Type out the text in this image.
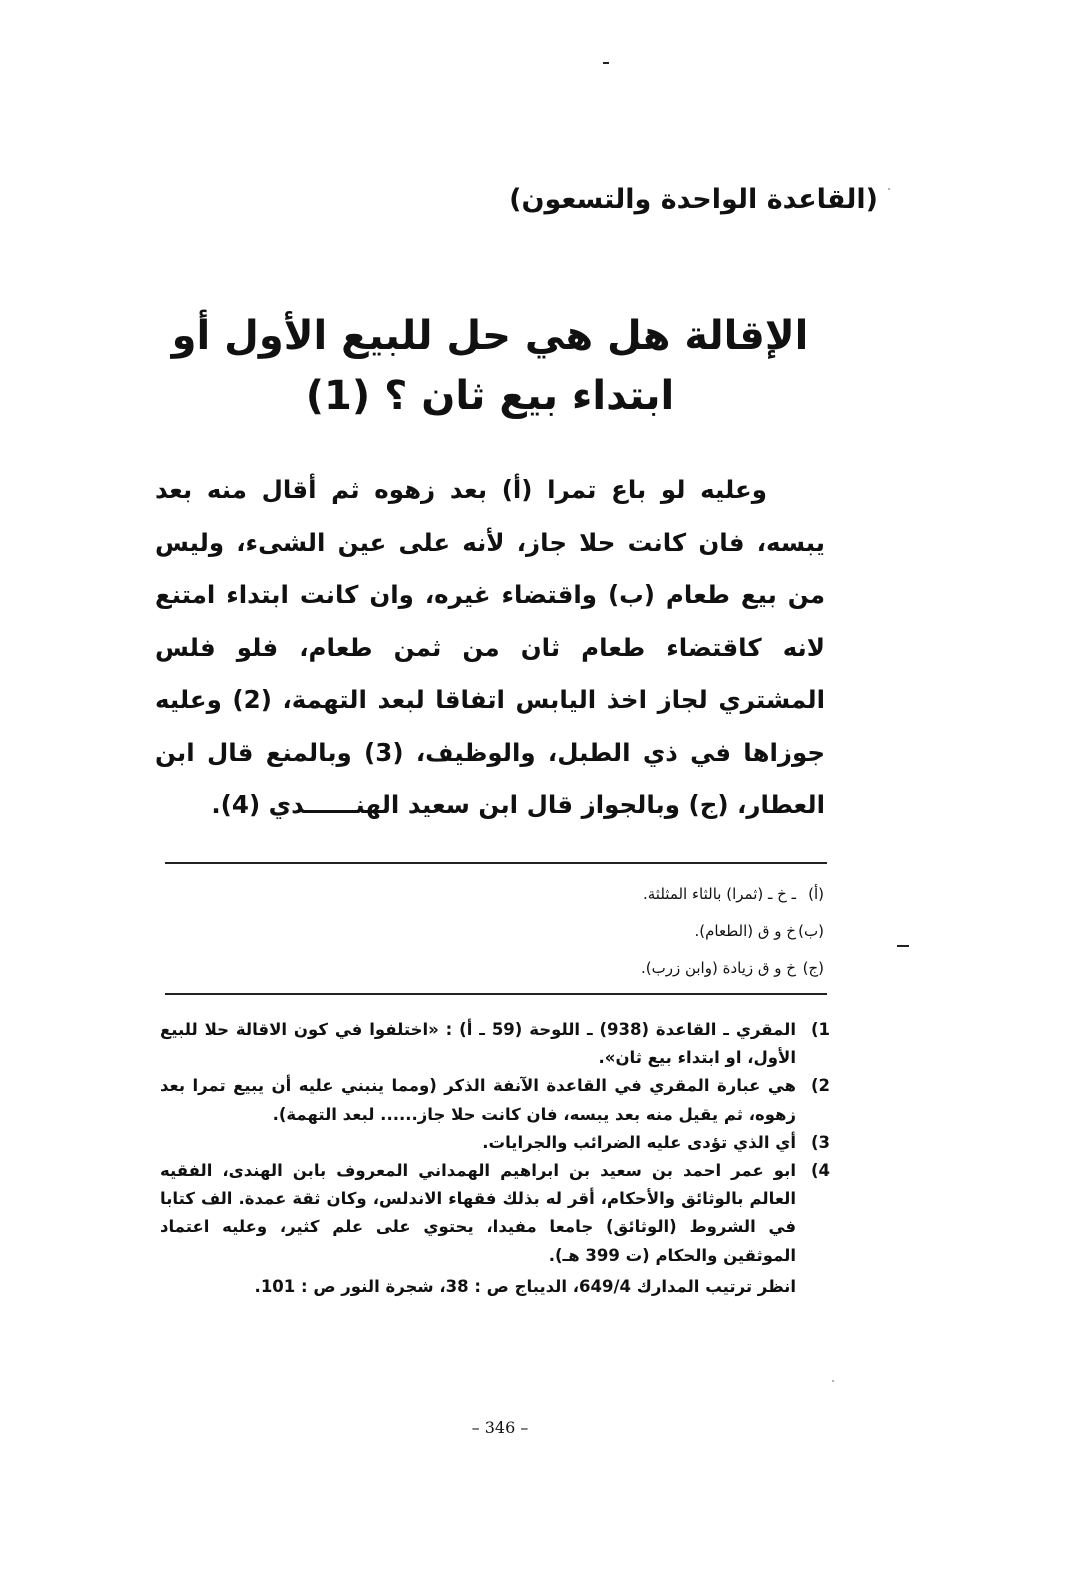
(القاعدة الواحدة والتسعون)
الإقالة هل هي حل للبيع الأول أو ابتداء بيع ثان ؟ (1)
وعليه لو باع تمرا (أ) بعد زهوه ثم أقال منه بعد يبسه، فان كانت حلا جاز، لأنه على عين الشىء، وليس من بيع طعام (ب) واقتضاء غيره، وان كانت ابتداء امتنع لانه كاقتضاء طعام ثان من ثمن طعام، فلو فلس المشتري لجاز اخذ اليابس اتفاقا لبعد التهمة، (2) وعليه جوزاها في ذي الطبل، والوظيف، (3) وبالمنع قال ابن العطار، (ج) وبالجواز قال ابن سعيد الهنــــــدي (4).
(أ)
ـ خ ـ (ثمرا) بالثاء المثلثة.
(ب)
خ و ق (الطعام).
(ج)
خ و ق زيادة (وابن زرب).
1)
المقري ـ القاعدة (938) ـ اللوحة (59 ـ أ) : «اختلفوا في كون الاقالة حلا للبيع الأول، او ابتداء بيع ثان».
2)
هي عبارة المقري في القاعدة الآنفة الذكر (ومما ينبني عليه أن يبيع تمرا بعد زهوه، ثم يقيل منه بعد يبسه، فان كانت حلا جاز...... لبعد التهمة).
3)
أي الذي تؤدى عليه الضرائب والجرايات.
4)
ابو عمر احمد بن سعيد بن ابراهيم الهمداني المعروف بابن الهندى، الفقيه العالم بالوثائق والأحكام، أقر له بذلك فقهاء الاندلس، وكان ثقة عمدة. الف كتابا في الشروط (الوثائق) جامعا مفيدا، يحتوي على علم كثير، وعليه اعتماد الموثقين والحكام (ت 399 هـ).
انظر ترتيب المدارك 649/4، الديباج ص : 38، شجرة النور ص : 101.
– 346 –
